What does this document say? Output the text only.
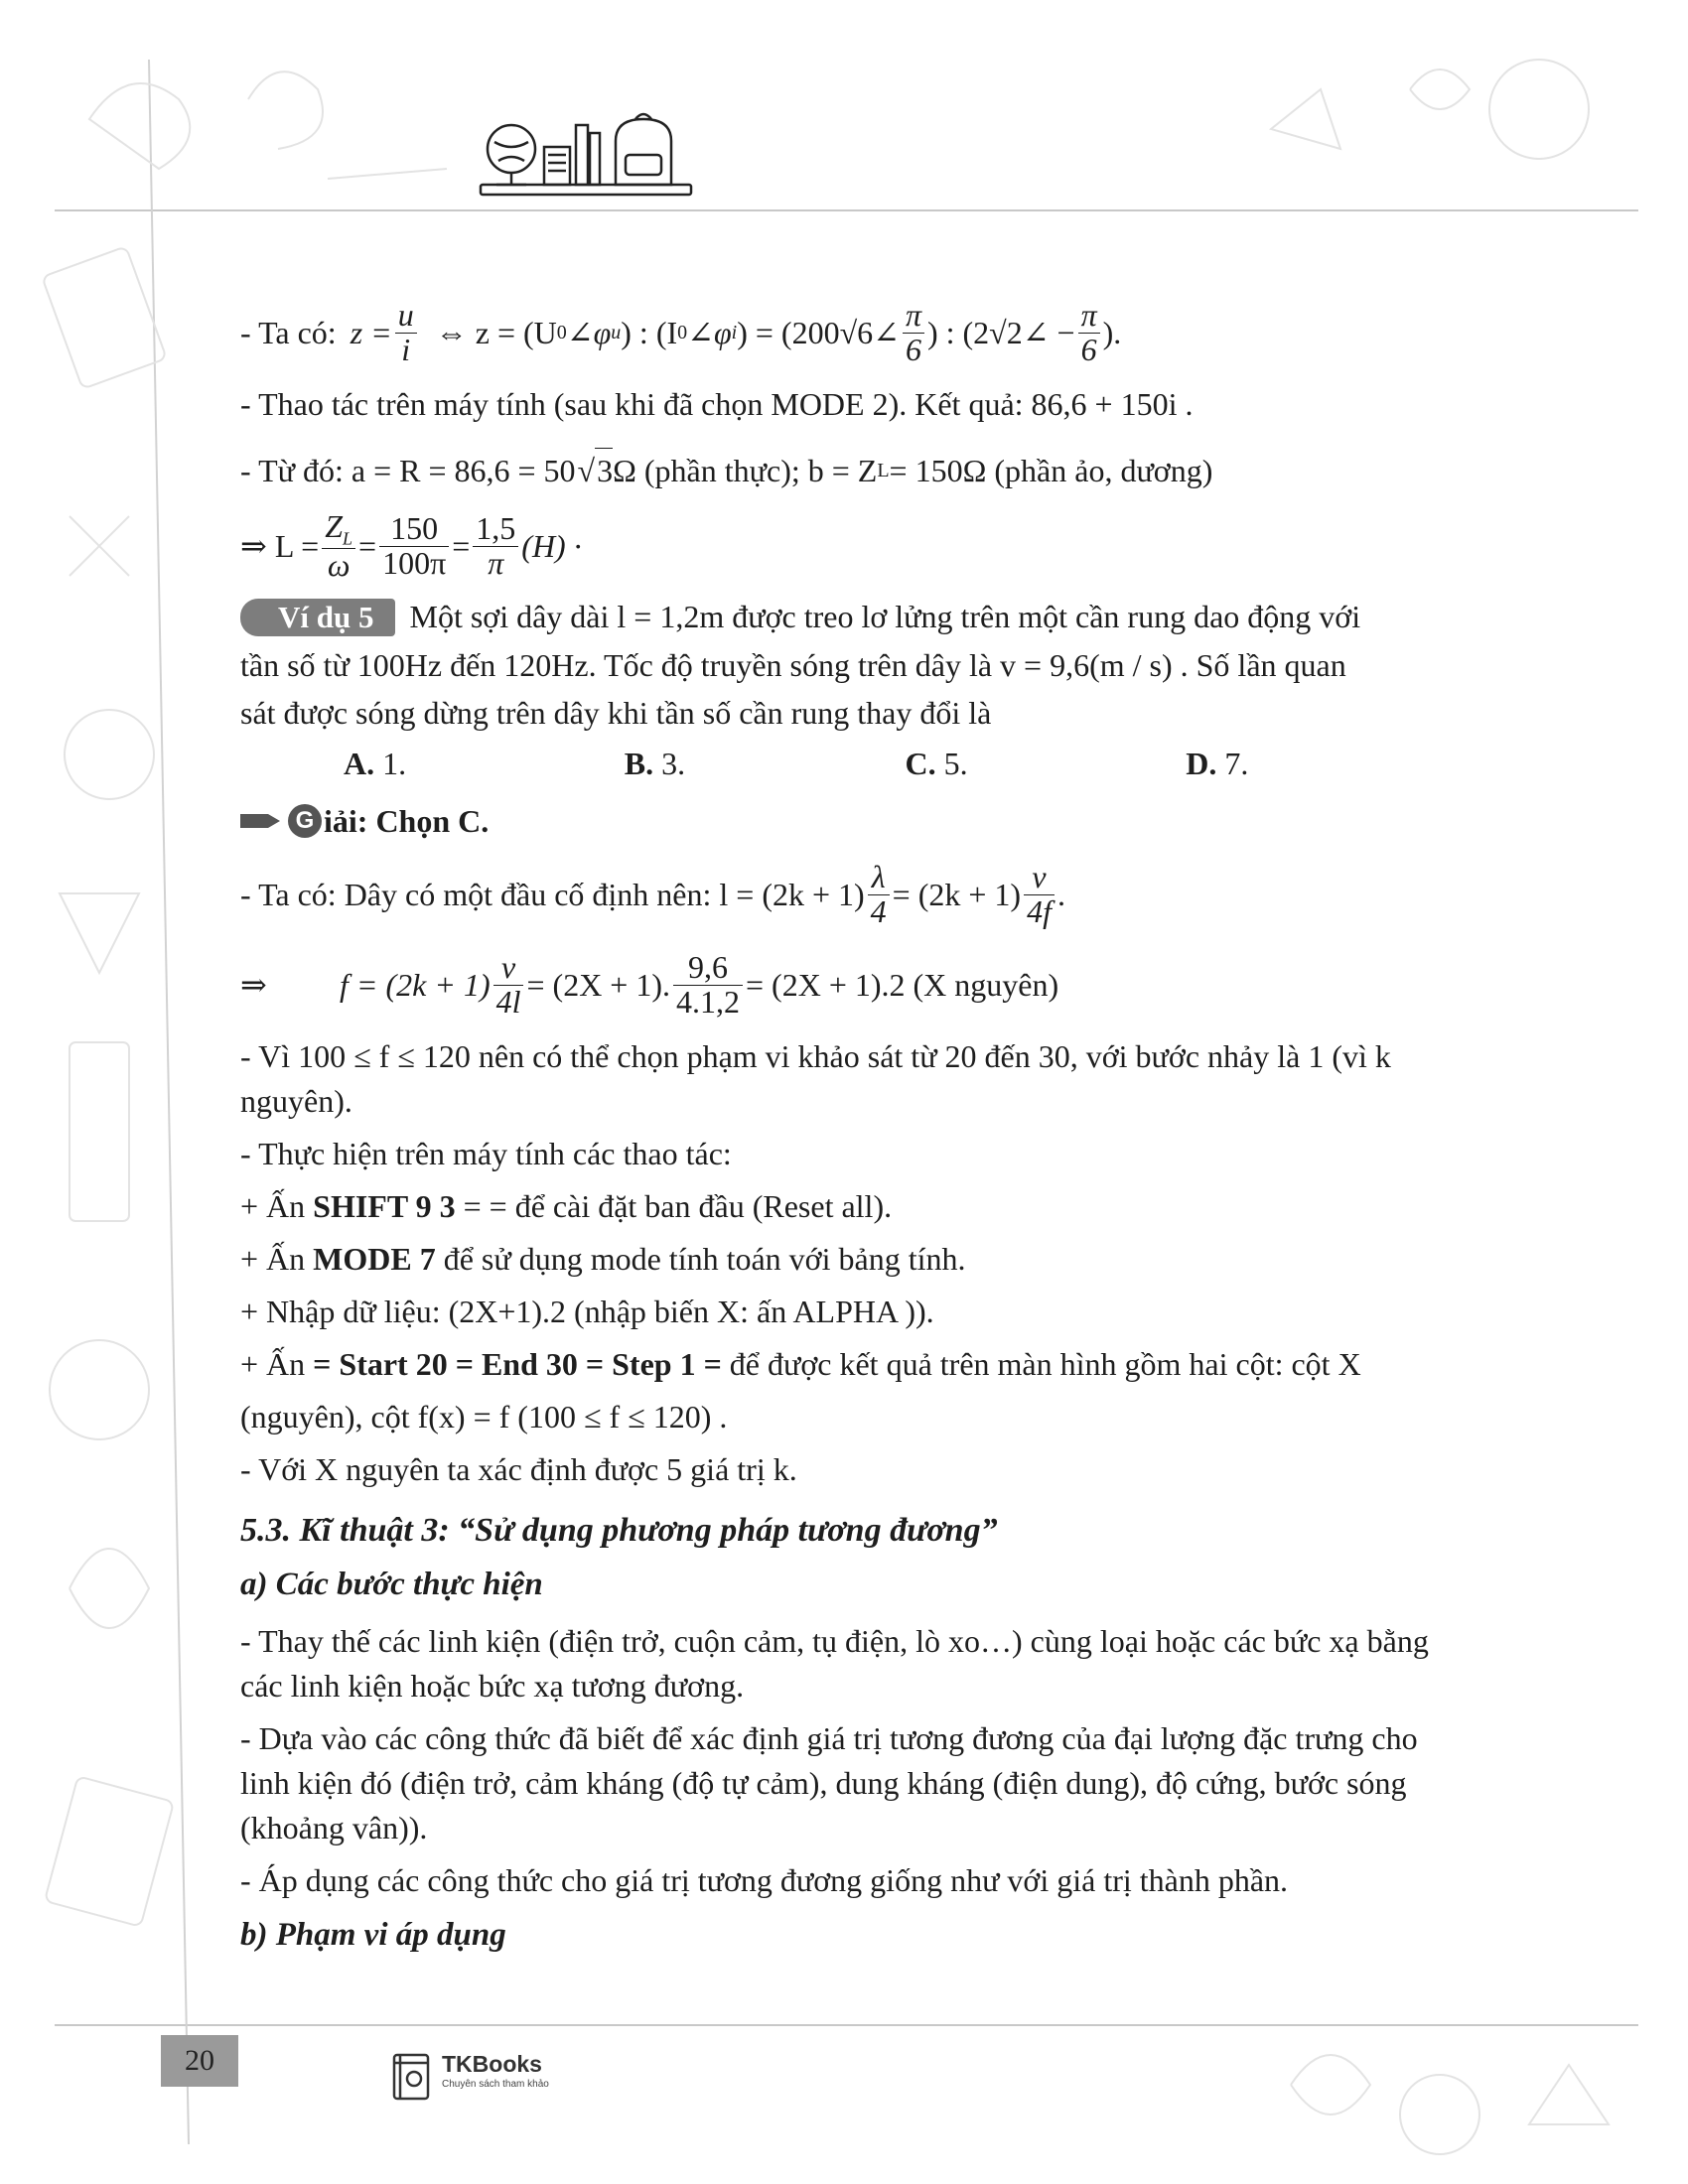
- Ta có: $z = \frac{u}{i}$ ⇔ z = (U 0 ∠φ u ) : (I 0 ∠φ i ) = (200√6∠ $\frac{\pi}{6}$ ) : (2√2∠ − $\frac{\pi}{6}$ ).
- Thao tác trên máy tính (sau khi đã chọn MODE 2). Kết quả: 86,6 + 150i .
- Từ đó: a = R = 86,6 = 50 √ 3 Ω (phần thực); b = Z L = 150Ω (phần ảo, dương)
⇒ $L = \frac{Z_L}{\omega} = \frac{150}{100\pi} = \frac{1,5}{\pi} (H)$ ·
Ví dụ 5 Một sợi dây dài l = 1,2m được treo lơ lửng trên một cần rung dao động với
tần số từ 100Hz đến 120Hz. Tốc độ truyền sóng trên dây là v = 9,6(m / s) . Số lần quan
sát được sóng dừng trên dây khi tần số cần rung thay đổi là
A. 1.	B. 3.	C. 5.	D. 7.
G iải: Chọn C.
- Ta có: Dây có một đầu cố định nên: $l = (2k + 1) \frac{\lambda}{4} = (2k + 1) \frac{v}{4f}$ .
⇒	$f = (2k + 1) \frac{v}{4l} = (2X + 1)$. $\frac{9,6}{4.1,2} = (2X + 1).2$ (X nguyên)
- Vì 100 ≤ f ≤ 120 nên có thể chọn phạm vi khảo sát từ 20 đến 30, với bước nhảy là 1 (vì k nguyên).
- Thực hiện trên máy tính các thao tác:
+ Ấn SHIFT 9 3 = = để cài đặt ban đầu (Reset all).
+ Ấn MODE 7 để sử dụng mode tính toán với bảng tính.
+ Nhập dữ liệu: (2X+1).2 (nhập biến X: ấn ALPHA )).
+ Ấn = Start 20 = End 30 = Step 1 = để được kết quả trên màn hình gồm hai cột: cột X
(nguyên), cột f(x) = f (100 ≤ f ≤ 120) .
- Với X nguyên ta xác định được 5 giá trị k.
5.3. Kĩ thuật 3: “Sử dụng phương pháp tương đương”
a) Các bước thực hiện
- Thay thế các linh kiện (điện trở, cuộn cảm, tụ điện, lò xo…) cùng loại hoặc các bức xạ bằng các linh kiện hoặc bức xạ tương đương.
- Dựa vào các công thức đã biết để xác định giá trị tương đương của đại lượng đặc trưng cho linh kiện đó (điện trở, cảm kháng (độ tự cảm), dung kháng (điện dung), độ cứng, bước sóng (khoảng vân)).
- Áp dụng các công thức cho giá trị tương đương giống như với giá trị thành phần.
b) Phạm vi áp dụng
20	TKBooks
Chuyên sách tham khảo
